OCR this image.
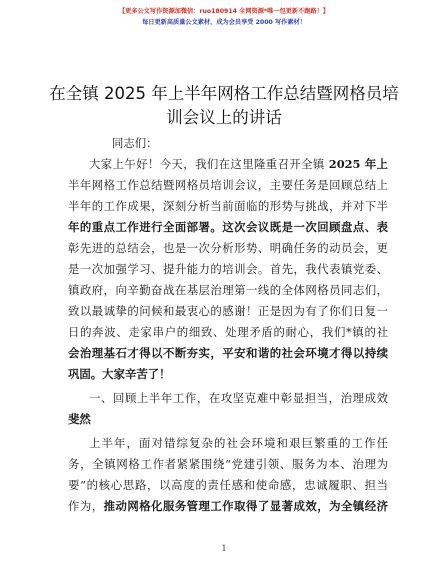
【更多公文写作资源加微信：ruo180914 全网资源*唯一包更新不跑路！】
每日更新高质量公文素材，成为会员享受 2000 写作素材！
在全镇 2025 年上半年网格工作总结暨网格员培
训会议上的讲话
同志们：
大家上午好！今天，我们在这里隆重召开全镇 2025 年上
半年网格工作总结暨网格员培训会议，主要任务是回顾总结上
半年的工作成果，深刻分析当前面临的形势与挑战，并对下半
年的重点工作进行全面部署。这次会议既是一次回顾盘点、表
彰先进的总结会，也是一次分析形势、明确任务的动员会，更
是一次加强学习、提升能力的培训会。首先，我代表镇党委、
镇政府，向辛勤奋战在基层治理第一线的全体网格员同志们，
致以最诚挚的问候和最衷心的感谢！正是因为有了你们日复一
日的奔波、走家串户的细致、处理矛盾的耐心，我们*镇的社
会治理基石才得以不断夯实，平安和谐的社会环境才得以持续
巩固。大家辛苦了！
一、回顾上半年工作，在攻坚克难中彰显担当，治理成效
斐然
上半年，面对错综复杂的社会环境和艰巨繁重的工作任
务，全镇网格工作者紧紧围绕“党建引领、服务为本、治理为
要”的核心思路，以高度的责任感和使命感，忠诚履职、担当
作为，推动网格化服务管理工作取得了显著成效，为全镇经济
1
